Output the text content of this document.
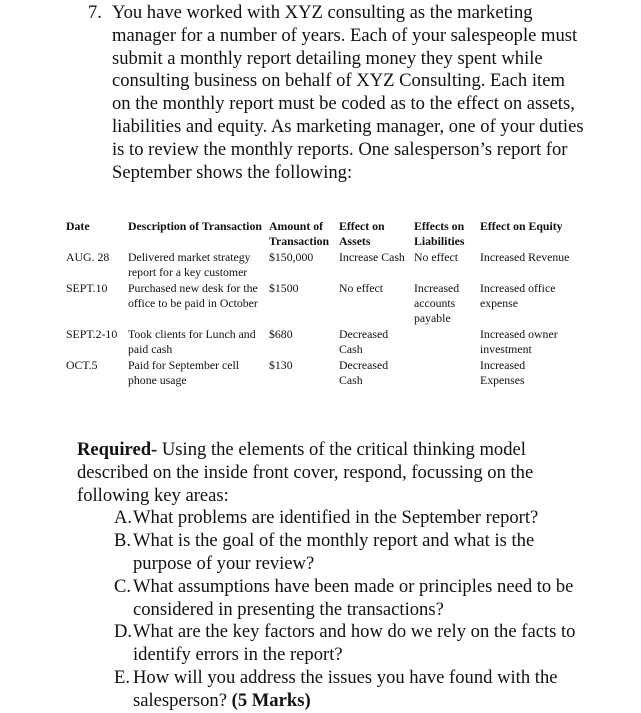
7. You have worked with XYZ consulting as the marketing manager for a number of years. Each of your salespeople must submit a monthly report detailing money they spent while consulting business on behalf of XYZ Consulting. Each item on the monthly report must be coded as to the effect on assets, liabilities and equity. As marketing manager, one of your duties is to review the monthly reports. One salesperson’s report for September shows the following:
Date	Description of Transaction	Amount of Transaction	Effect on Assets	Effects on Liabilities	Effect on Equity
AUG. 28	Delivered market strategy report for a key customer	$150,000	Increase Cash	No effect	Increased Revenue
SEPT.10	Purchased new desk for the office to be paid in October	$1500	No effect	Increased accounts payable	Increased office expense
SEPT.2-10	Took clients for Lunch and paid cash	$680	Decreased Cash		Increased owner investment
OCT.5	Paid for September cell phone usage	$130	Decreased Cash		Increased Expenses
Required- Using the elements of the critical thinking model described on the inside front cover, respond, focussing on the following key areas:
A. What problems are identified in the September report?
B. What is the goal of the monthly report and what is the purpose of your review?
C. What assumptions have been made or principles need to be considered in presenting the transactions?
D. What are the key factors and how do we rely on the facts to identify errors in the report?
E. How will you address the issues you have found with the salesperson? (5 Marks)
